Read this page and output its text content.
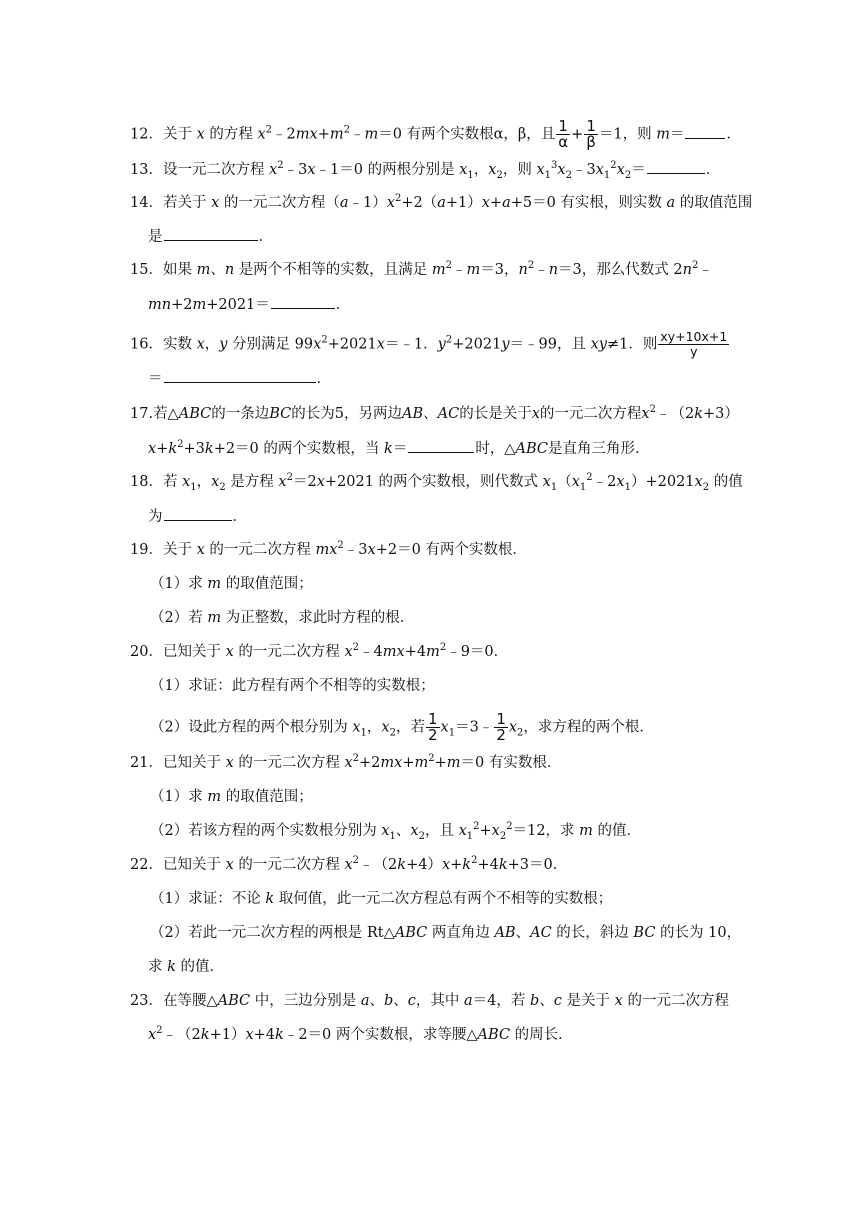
12．关于 x 的方程 $x^2﹣2mx+m^2﹣m=0$ 有两个实数根α，β，且 $\frac{1}{\alpha} + \frac{1}{\beta} =1$，则 m＝	．
13．设一元二次方程 $x^2﹣3x﹣1=0$ 的两根分别是 $x_1$，$x_2$，则 $x_1^3x_2﹣3x_1^2x_2=$	．
14．若关于 x 的一元二次方程$(a﹣1)x^2+2(a+1)x+a+5=0$ 有实根，则实数 a 的取值范围
是	．
15．如果 m、n 是两个不相等的实数，且满足 $m^2﹣m=3$，$n^2﹣n=3$，那么代数式 $2n^2﹣$
mn+2m+2021＝	．
16．实数 x，y 分别满足 $99x^2+2021x=﹣1$．$y^2+2021y=﹣99$，且 xy≠1．则 $\frac{xy+10x+1}{y}$
＝	．
17.若△ABC的一条边BC的长为5，另两边AB、AC的长是关于x的一元二次方程$x^2﹣(2k+3)$
$x+k^2+3k+2=0$ 的两个实数根，当 k＝	时，△ABC是直角三角形．
18．若 $x_1$，$x_2$ 是方程 $x^2=2x+2021$ 的两个实数根，则代数式 $x_1(x_1^2﹣2x_1)+2021x_2$ 的值
为	．
19．关于 x 的一元二次方程 $mx^2﹣3x+2=0$ 有两个实数根．
（1）求 m 的取值范围；
（2）若 m 为正整数，求此时方程的根．
20．已知关于 x 的一元二次方程 $x^2﹣4mx+4m^2﹣9=0$．
（1）求证：此方程有两个不相等的实数根；
（2）设此方程的两个根分别为 $x_1$，$x_2$，若 $\frac{1}{2}$ $x_1=3﹣ \frac{1}{2} x_2$，求方程的两个根．
21．已知关于 x 的一元二次方程 $x^2+2mx+m^2+m=0$ 有实数根．
（1）求 m 的取值范围；
（2）若该方程的两个实数根分别为 $x_1$、$x_2$，且 $x_1^2+x_2^2=12$，求 m 的值．
22．已知关于 x 的一元二次方程 $x^2﹣(2k+4)x+k^2+4k+3=0$．
（1）求证：不论 k 取何值，此一元二次方程总有两个不相等的实数根；
（2）若此一元二次方程的两根是 Rt△ABC 两直角边 AB、AC 的长，斜边 BC 的长为 10，
求 k 的值．
23．在等腰△ABC 中，三边分别是 a、b、c，其中 a＝4，若 b、c 是关于 x 的一元二次方程
$x^2﹣(2k+1)x+4k﹣2=0$ 两个实数根，求等腰△ABC 的周长．
